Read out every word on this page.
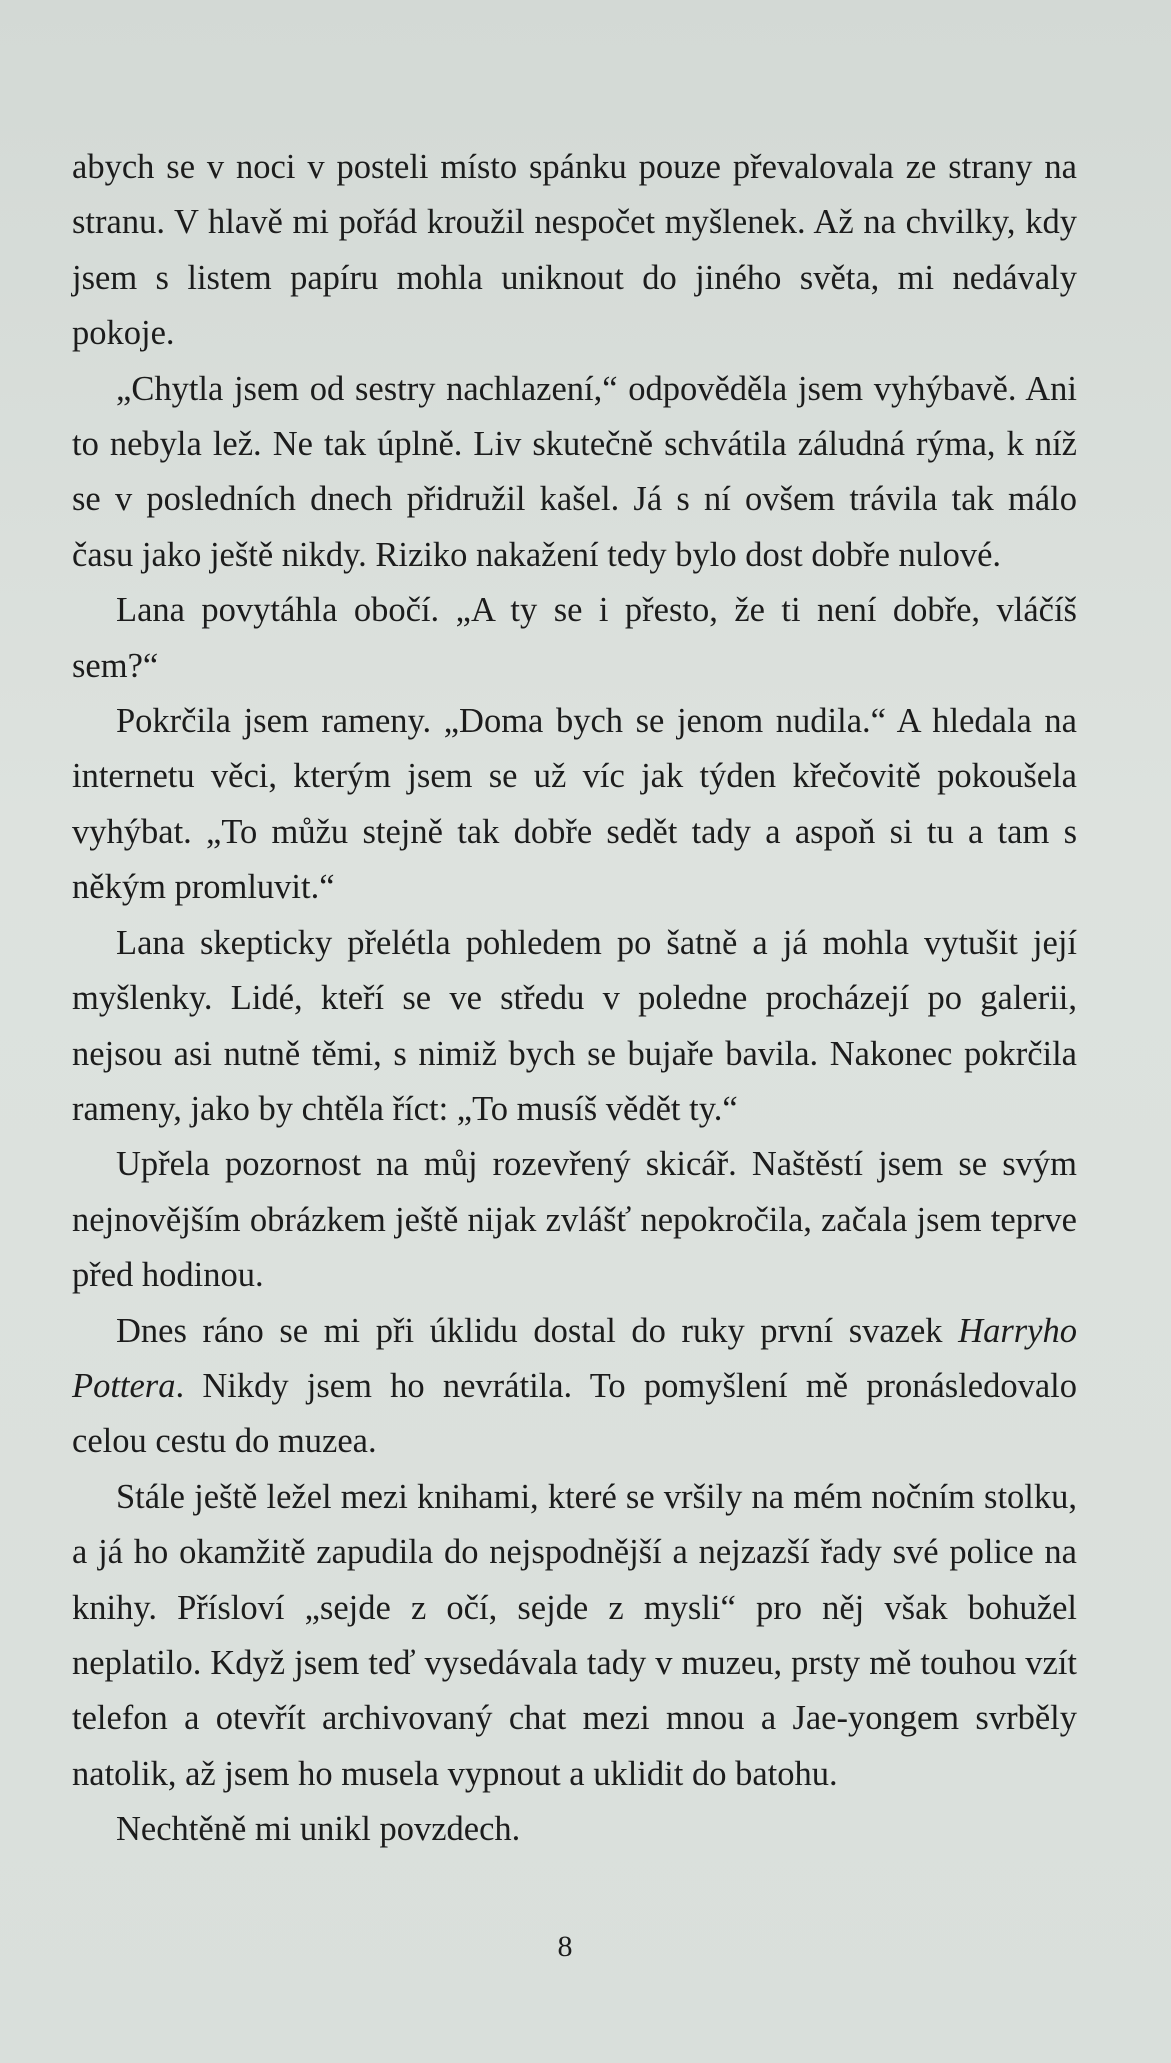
abych se v noci v posteli místo spánku pouze převalovala ze strany na stranu. V hlavě mi pořád kroužil nespočet myšlenek. Až na chvilky, kdy jsem s listem papíru mohla uniknout do jiného světa, mi nedávaly pokoje.

„Chytla jsem od sestry nachlazení,“ odpověděla jsem vyhýbavě. Ani to nebyla lež. Ne tak úplně. Liv skutečně schvátila záludná rýma, k níž se v posledních dnech přidružil kašel. Já s ní ovšem trávila tak málo času jako ještě nikdy. Riziko nakažení tedy bylo dost dobře nulové.

Lana povytáhla obočí. „A ty se i přesto, že ti není dobře, vláčíš sem?“

Pokrčila jsem rameny. „Doma bych se jenom nudila.“ A hledala na internetu věci, kterým jsem se už víc jak týden křečovitě pokoušela vyhýbat. „To můžu stejně tak dobře sedět tady a aspoň si tu a tam s někým promluvit.“

Lana skepticky přelétla pohledem po šatně a já mohla vytušit její myšlenky. Lidé, kteří se ve středu v poledne procházejí po galerii, nejsou asi nutně těmi, s nimiž bych se bujaře bavila. Nakonec pokrčila rameny, jako by chtěla říct: „To musíš vědět ty.“

Upřela pozornost na můj rozevřený skicář. Naštěstí jsem se svým nejnovějším obrázkem ještě nijak zvlášť nepokročila, začala jsem teprve před hodinou.

Dnes ráno se mi při úklidu dostal do ruky první svazek Harryho Pottera. Nikdy jsem ho nevrátila. To pomyšlení mě pronásledovalo celou cestu do muzea.

Stále ještě ležel mezi knihami, které se vršily na mém nočním stolku, a já ho okamžitě zapudila do nejspodnější a nejzazší řady své police na knihy. Přísloví „sejde z očí, sejde z mysli“ pro něj však bohužel neplatilo. Když jsem teď vysedávala tady v muzeu, prsty mě touhou vzít telefon a otevřít archivovaný chat mezi mnou a Jae-yongem svrběly natolik, až jsem ho musela vypnout a uklidit do batohu.

Nechtěně mi unikl povzdech.

8
